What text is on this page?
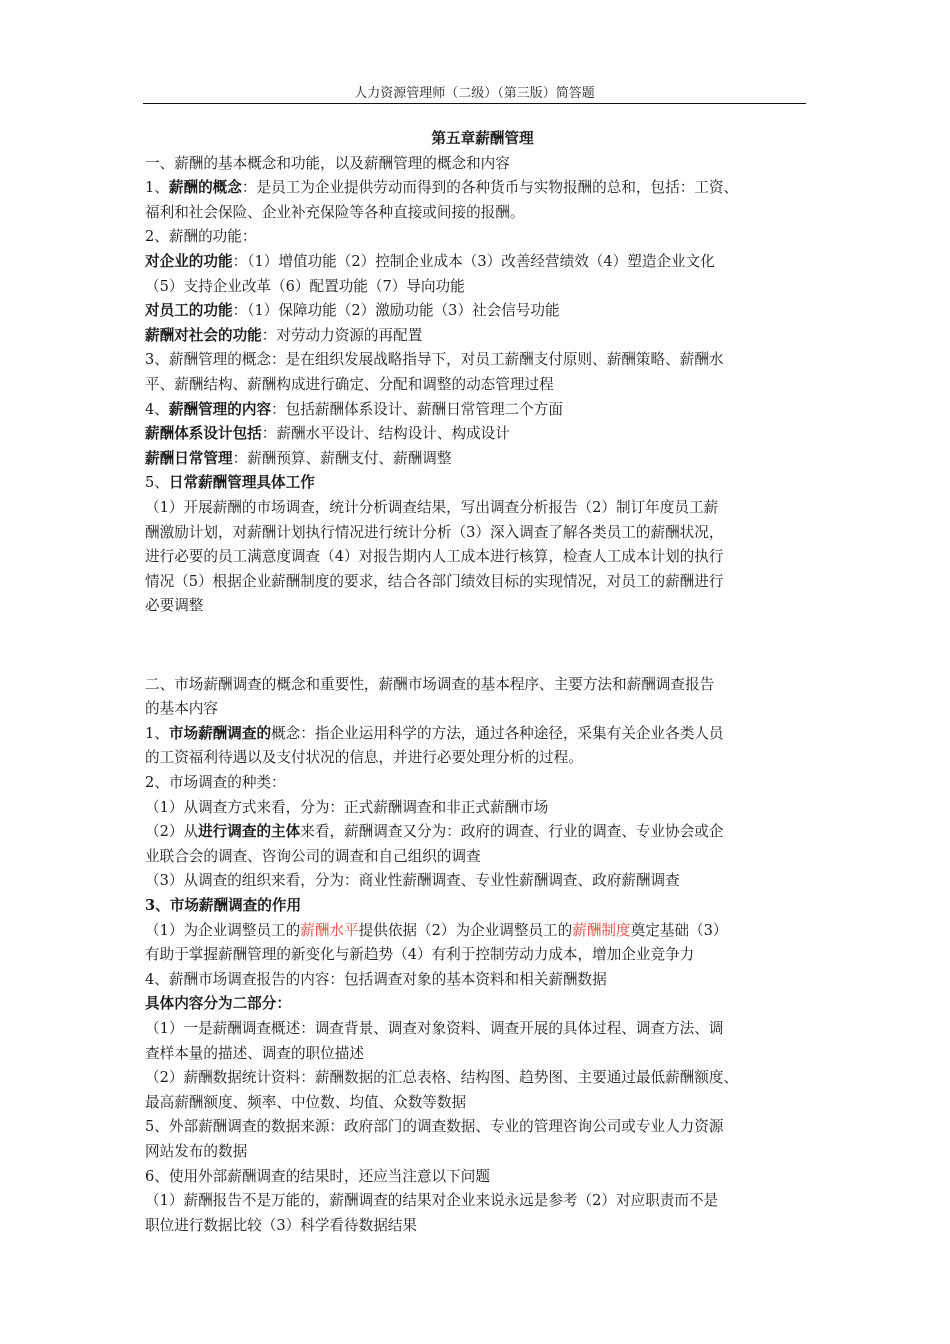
人力资源管理师（二级）（第三版）简答题

第五章薪酬管理

一、薪酬的基本概念和功能，以及薪酬管理的概念和内容

1、薪酬的概念：是员工为企业提供劳动而得到的各种货币与实物报酬的总和，包括：工资、

福利和社会保险、企业补充保险等各种直接或间接的报酬。

2、薪酬的功能：

对企业的功能：（1）增值功能（2）控制企业成本（3）改善经营绩效（4）塑造企业文化

（5）支持企业改革（6）配置功能（7）导向功能

对员工的功能：（1）保障功能（2）激励功能（3）社会信号功能

薪酬对社会的功能：对劳动力资源的再配置

3、薪酬管理的概念：是在组织发展战略指导下，对员工薪酬支付原则、薪酬策略、薪酬水

平、薪酬结构、薪酬构成进行确定、分配和调整的动态管理过程

4、薪酬管理的内容：包括薪酬体系设计、薪酬日常管理二个方面

薪酬体系设计包括：薪酬水平设计、结构设计、构成设计

薪酬日常管理：薪酬预算、薪酬支付、薪酬调整

5、日常薪酬管理具体工作

（1）开展薪酬的市场调查，统计分析调查结果，写出调查分析报告（2）制订年度员工薪

酬激励计划，对薪酬计划执行情况进行统计分析（3）深入调查了解各类员工的薪酬状况，

进行必要的员工满意度调查（4）对报告期内人工成本进行核算，检查人工成本计划的执行

情况（5）根据企业薪酬制度的要求，结合各部门绩效目标的实现情况，对员工的薪酬进行

必要调整

二、市场薪酬调查的概念和重要性，薪酬市场调查的基本程序、主要方法和薪酬调查报告

的基本内容

1、市场薪酬调查的概念：指企业运用科学的方法，通过各种途径，采集有关企业各类人员

的工资福利待遇以及支付状况的信息，并进行必要处理分析的过程。

2、市场调查的种类：

（1）从调查方式来看，分为：正式薪酬调查和非正式薪酬市场

（2）从进行调查的主体来看，薪酬调查又分为：政府的调查、行业的调查、专业协会或企

业联合会的调查、咨询公司的调查和自己组织的调查

（3）从调查的组织来看，分为：商业性薪酬调查、专业性薪酬调查、政府薪酬调查

3、市场薪酬调查的作用

（1）为企业调整员工的薪酬水平提供依据（2）为企业调整员工的薪酬制度奠定基础（3）

有助于掌握薪酬管理的新变化与新趋势（4）有利于控制劳动力成本，增加企业竞争力

4、薪酬市场调查报告的内容：包括调查对象的基本资料和相关薪酬数据

具体内容分为二部分：

（1）一是薪酬调查概述：调查背景、调查对象资料、调查开展的具体过程、调查方法、调

查样本量的描述、调查的职位描述

（2）薪酬数据统计资料：薪酬数据的汇总表格、结构图、趋势图、主要通过最低薪酬额度、

最高薪酬额度、频率、中位数、均值、众数等数据

5、外部薪酬调查的数据来源：政府部门的调查数据、专业的管理咨询公司或专业人力资源

网站发布的数据

6、使用外部薪酬调查的结果时，还应当注意以下问题

（1）薪酬报告不是万能的，薪酬调查的结果对企业来说永远是参考（2）对应职责而不是

职位进行数据比较（3）科学看待数据结果
